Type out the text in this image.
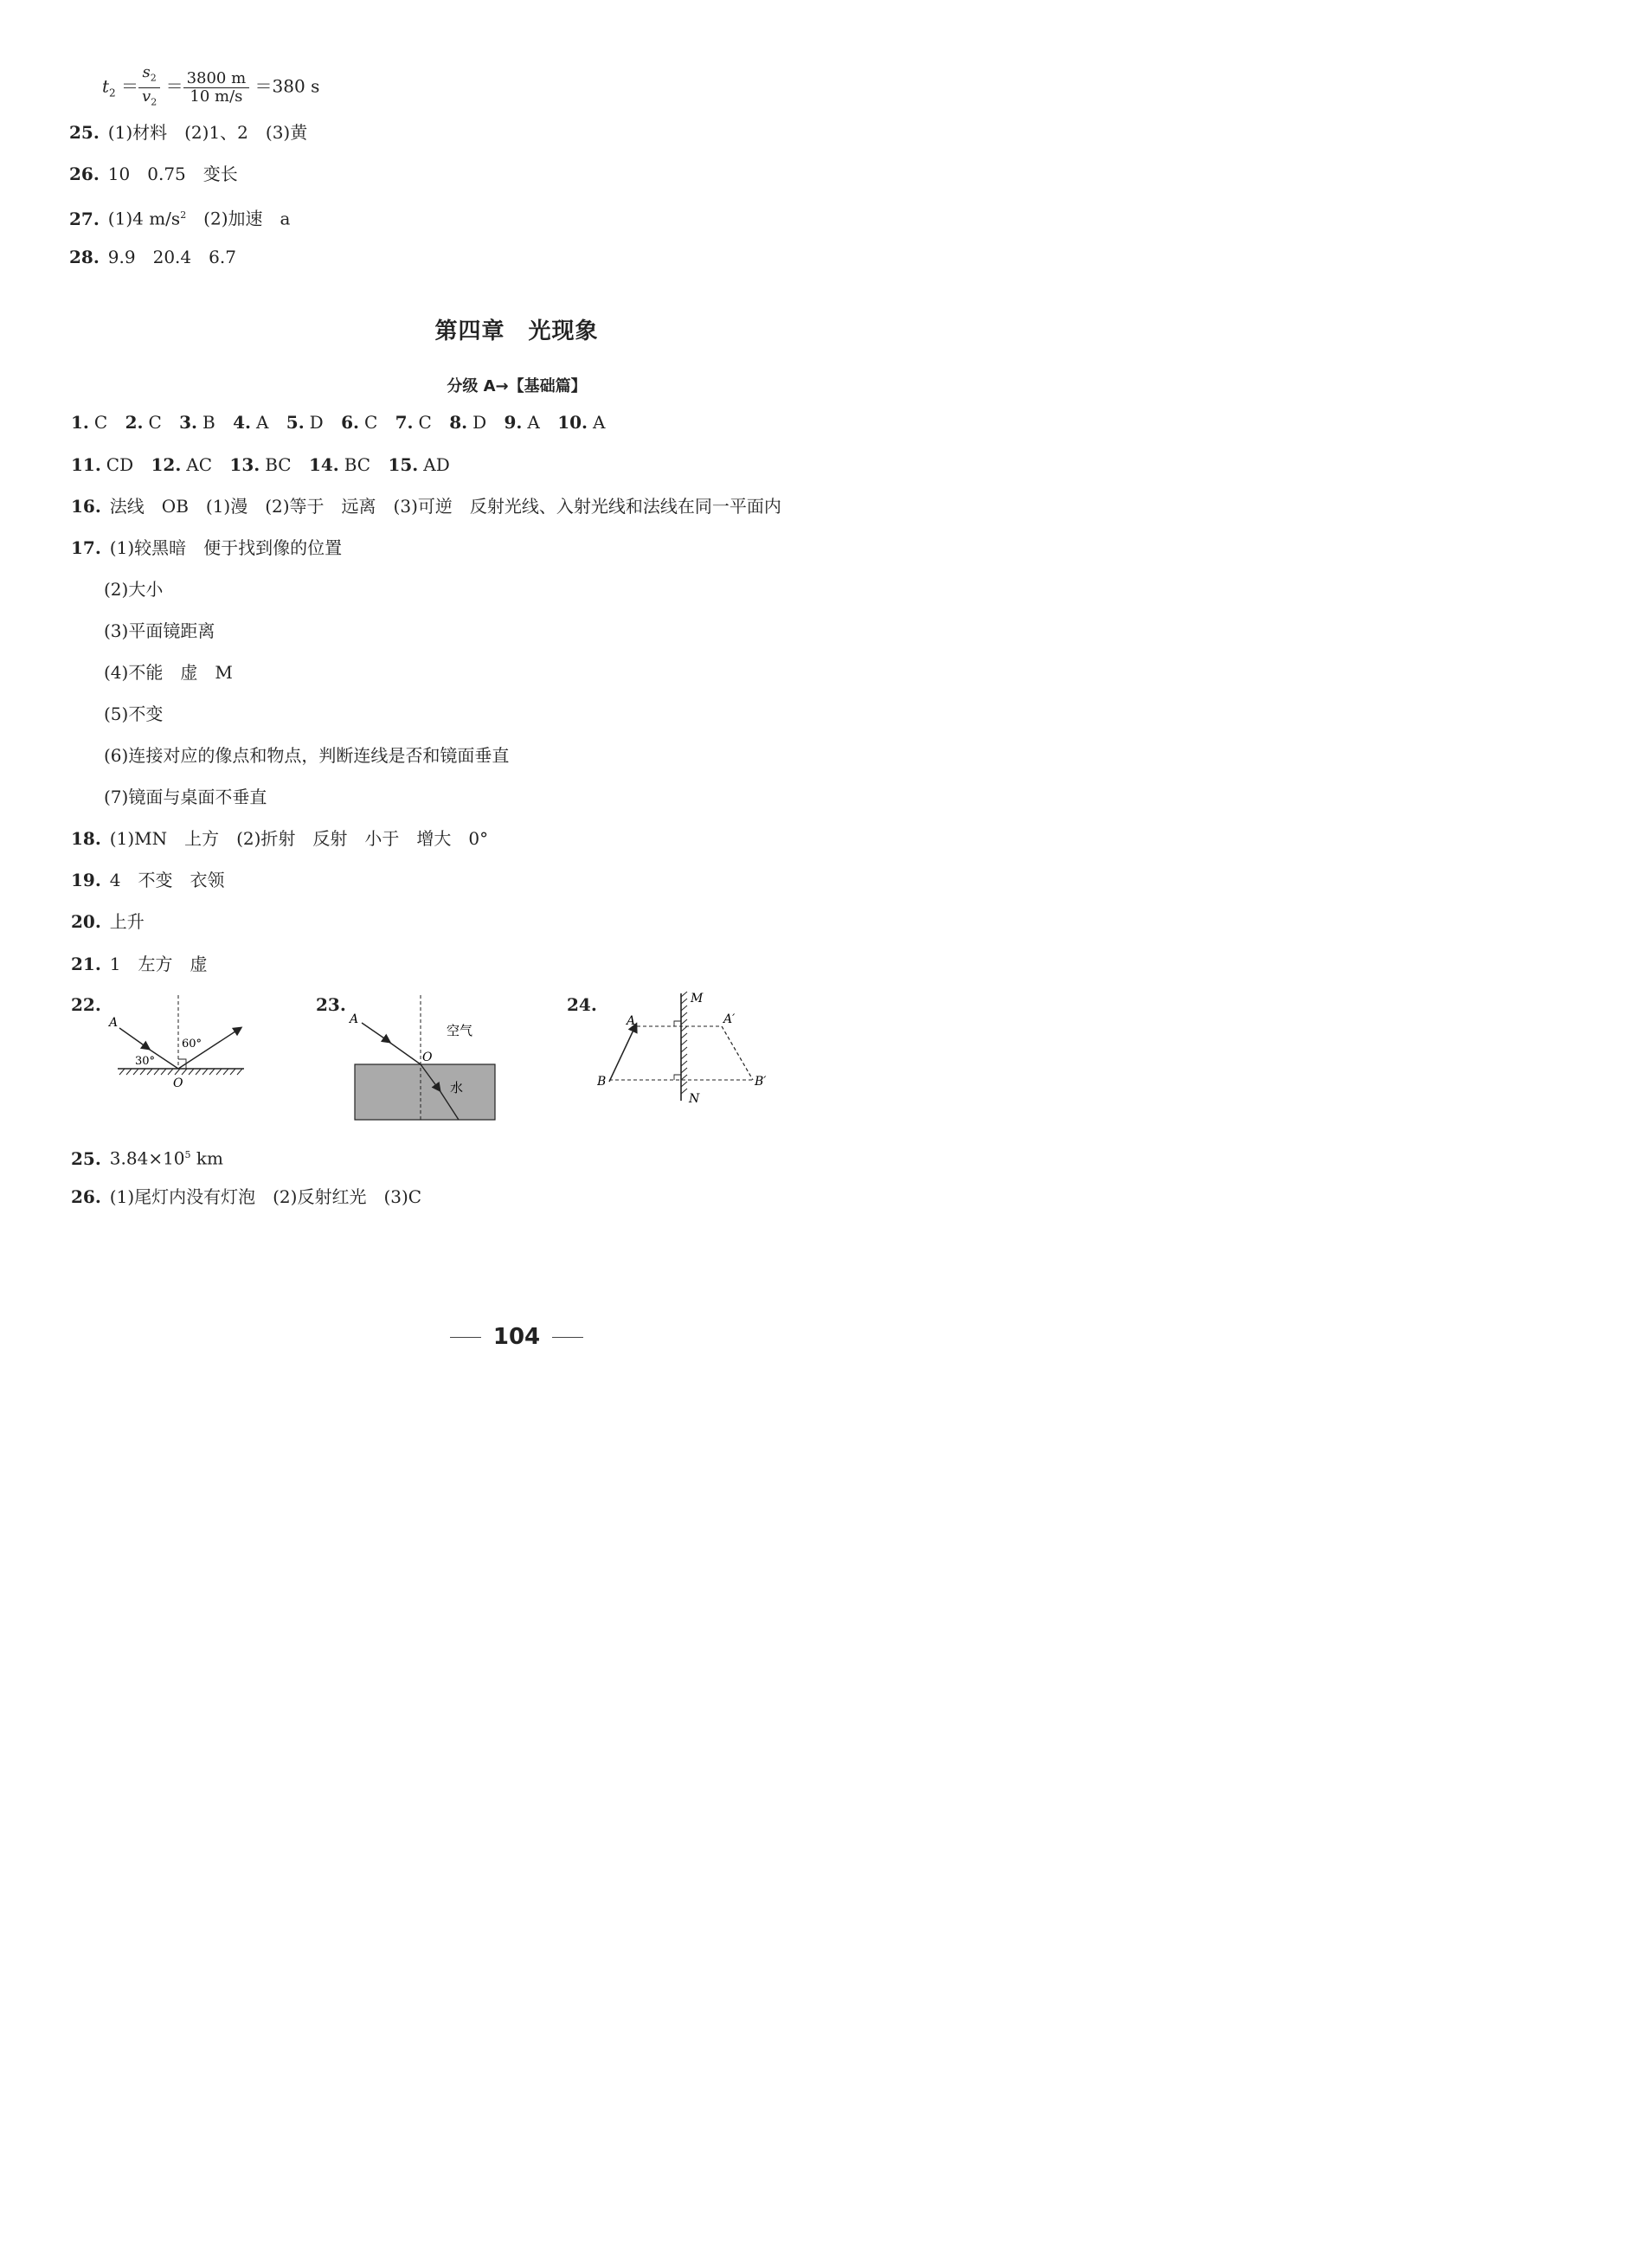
$t_2 = \frac{s_2}{v_2} = \frac{3800 m}{10 m/s} =380$ s
25. (1)材料　(2)1、2　(3)黄
26. 10　0.75　变长
27. (1)4 $m/s^2$　(2)加速　a
28. 9.9　20.4　6.7
第四章　光现象
分级 A→【基础篇】
1. C 2. C 3. B 4. A 5. D 6. C 7. C 8. D 9. A 10. A
11. CD 12. AC 13. BC 14. BC 15. AD
16. 法线　OB　(1)漫　(2)等于　远离　(3)可逆　反射光线、入射光线和法线在同一平面内
17. (1)较黑暗　便于找到像的位置
(2)大小
(3)平面镜距离
(4)不能　虚　M
(5)不变
(6)连接对应的像点和物点，判断连线是否和镜面垂直
(7)镜面与桌面不垂直
18. (1)MN　上方　(2)折射　反射　小于　增大　0°
19. 4　不变　衣领
20. 上升
21. 1　左方　虚
22.
A
O
30°
60°
23.
A
O
空气
水
24.	M
N
A	A′
B	B′
25. $3.84\times 10^5$ km
26. (1)尾灯内没有灯泡　(2)反射红光　(3)C
104
